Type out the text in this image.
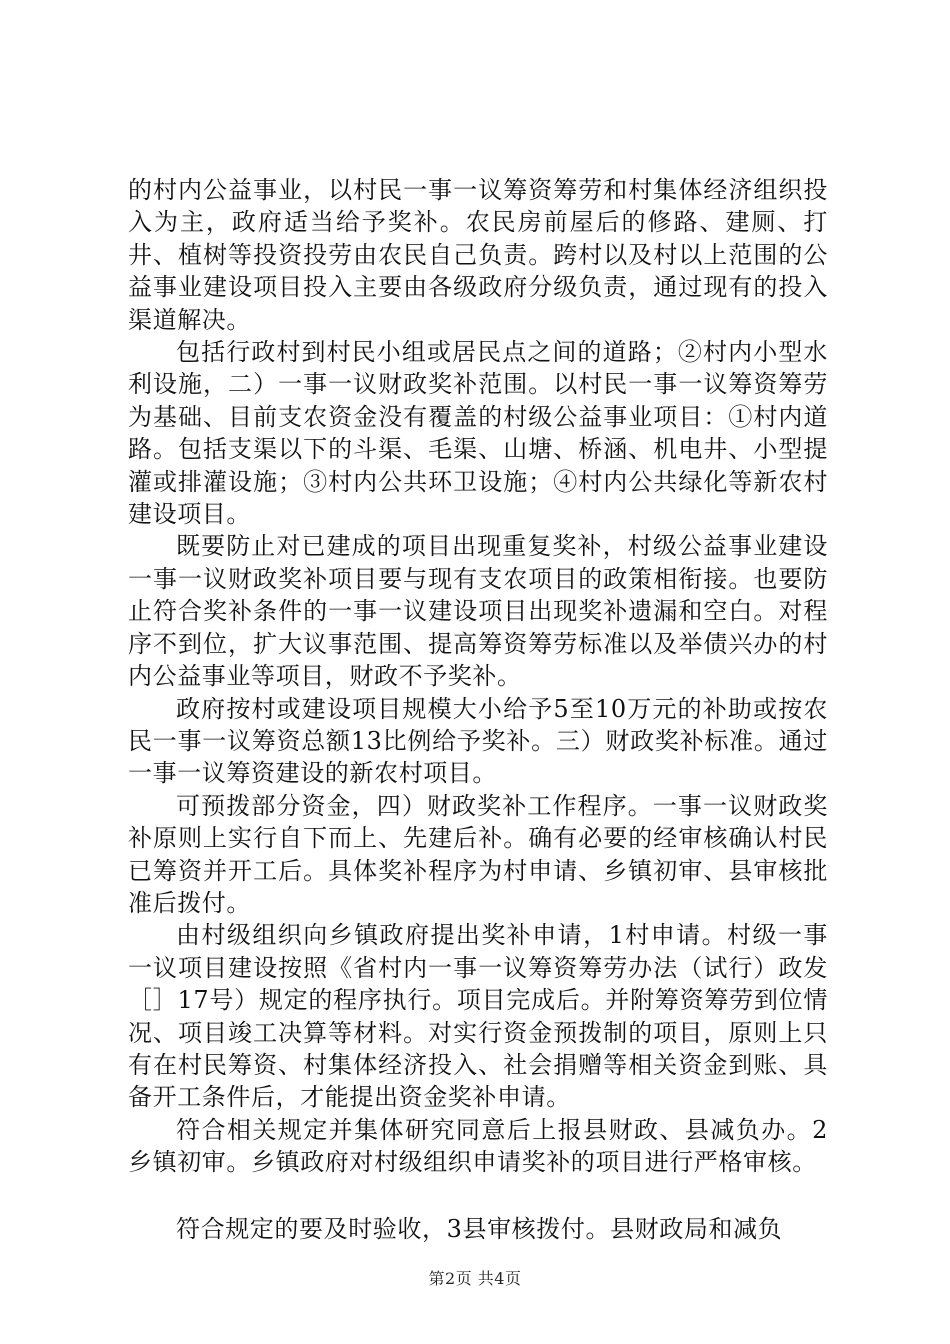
的村内公益事业，以村民一事一议筹资筹劳和村集体经济组织投入为主，政府适当给予奖补。农民房前屋后的修路、建厕、打井、植树等投资投劳由农民自己负责。跨村以及村以上范围的公益事业建设项目投入主要由各级政府分级负责，通过现有的投入渠道解决。

包括行政村到村民小组或居民点之间的道路；②村内小型水利设施，二）一事一议财政奖补范围。以村民一事一议筹资筹劳为基础、目前支农资金没有覆盖的村级公益事业项目：①村内道路。包括支渠以下的斗渠、毛渠、山塘、桥涵、机电井、小型提灌或排灌设施；③村内公共环卫设施；④村内公共绿化等新农村建设项目。

既要防止对已建成的项目出现重复奖补，村级公益事业建设一事一议财政奖补项目要与现有支农项目的政策相衔接。也要防止符合奖补条件的一事一议建设项目出现奖补遗漏和空白。对程序不到位，扩大议事范围、提高筹资筹劳标准以及举债兴办的村内公益事业等项目，财政不予奖补。

政府按村或建设项目规模大小给予5至10万元的补助或按农民一事一议筹资总额13比例给予奖补。三）财政奖补标准。通过一事一议筹资建设的新农村项目。

可预拨部分资金，四）财政奖补工作程序。一事一议财政奖补原则上实行自下而上、先建后补。确有必要的经审核确认村民已筹资并开工后。具体奖补程序为村申请、乡镇初审、县审核批准后拨付。

由村级组织向乡镇政府提出奖补申请，1村申请。村级一事一议项目建设按照《省村内一事一议筹资筹劳办法（试行）政发［］17号）规定的程序执行。项目完成后。并附筹资筹劳到位情况、项目竣工决算等材料。对实行资金预拨制的项目，原则上只有在村民筹资、村集体经济投入、社会捐赠等相关资金到账、具备开工条件后，才能提出资金奖补申请。

符合相关规定并集体研究同意后上报县财政、县减负办。2乡镇初审。乡镇政府对村级组织申请奖补的项目进行严格审核。

符合规定的要及时验收，3县审核拨付。县财政局和减负

第2页 共4页
